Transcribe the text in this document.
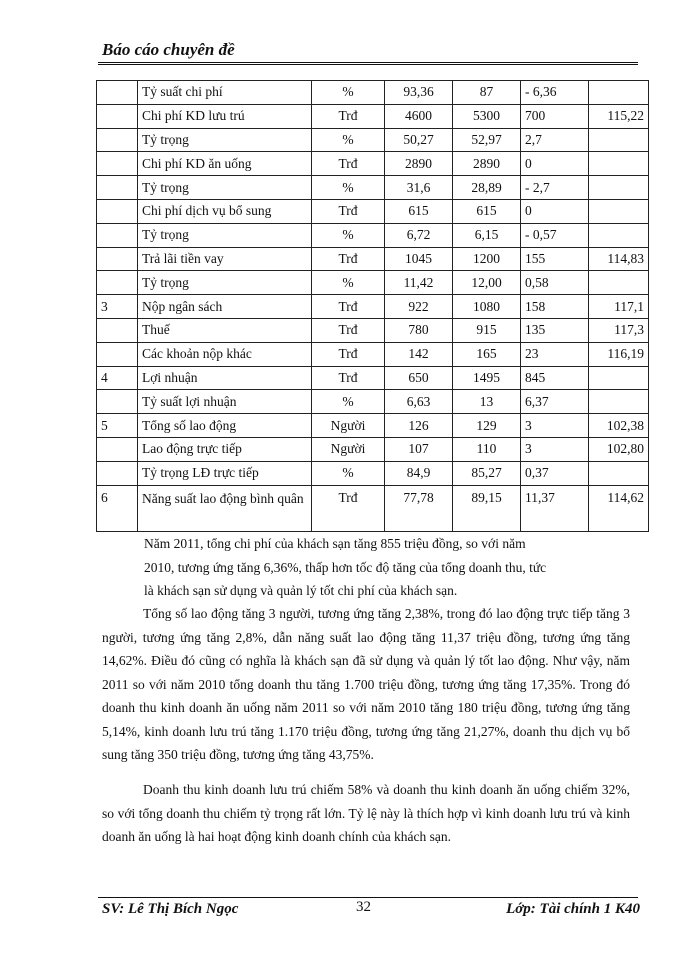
Báo cáo chuyên đề
	Tỷ suất chi phí	%	93,36	87	- 6,36	
	Chi phí KD lưu trú	Trđ	4600	5300	700	115,22
	Tỷ trọng	%	50,27	52,97	2,7	
	Chi phí KD ăn uống	Trđ	2890	2890	0	
	Tỷ trọng	%	31,6	28,89	- 2,7	
	Chi phí dịch vụ bổ sung	Trđ	615	615	0	
	Tỷ trọng	%	6,72	6,15	- 0,57	
	Trả lãi tiền vay	Trđ	1045	1200	155	114,83
	Tỷ trọng	%	11,42	12,00	0,58	
3	Nộp ngân sách	Trđ	922	1080	158	117,1
	Thuế	Trđ	780	915	135	117,3
	Các khoản nộp khác	Trđ	142	165	23	116,19
4	Lợi nhuận	Trđ	650	1495	845	
	Tỷ suất lợi nhuận	%	6,63	13	6,37	
5	Tổng số lao động	Người	126	129	3	102,38
	Lao động trực tiếp	Người	107	110	3	102,80
	Tỷ trọng LĐ trực tiếp	%	84,9	85,27	0,37	
6	Năng suất lao động bình quân	Trđ	77,78	89,15	11,37	114,62
Năm 2011, tổng chi phí của khách sạn tăng 855 triệu đồng, so với năm
2010, tương ứng tăng 6,36%, thấp hơn tốc độ tăng của tổng doanh thu, tức
là khách sạn sử dụng và quản lý tốt chi phí của khách sạn.

Tổng số lao động tăng 3 người, tương ứng tăng 2,38%, trong đó lao động trực tiếp tăng 3 người, tương ứng tăng 2,8%, dẫn năng suất lao động tăng 11,37 triệu đồng, tương ứng tăng 14,62%. Điều đó cũng có nghĩa là khách sạn đã sử dụng và quản lý tốt lao động. Như vậy, năm 2011 so với năm 2010 tổng doanh thu tăng 1.700 triệu đồng, tương ứng tăng 17,35%. Trong đó doanh thu kinh doanh ăn uống năm 2011 so với năm 2010 tăng 180 triệu đồng, tương ứng tăng 5,14%, kinh doanh lưu trú tăng 1.170 triệu đồng, tương ứng tăng 21,27%, doanh thu dịch vụ bổ sung tăng 350 triệu đồng, tương ứng tăng 43,75%.

Doanh thu kinh doanh lưu trú chiếm 58% và doanh thu kinh doanh ăn uống chiếm 32%, so với tổng doanh thu chiếm tỷ trọng rất lớn. Tỷ lệ này là thích hợp vì kinh doanh lưu trú và kinh doanh ăn uống là hai hoạt động kinh doanh chính của khách sạn.

SV: Lê Thị Bích Ngọc	32	Lớp: Tài chính 1 K40
